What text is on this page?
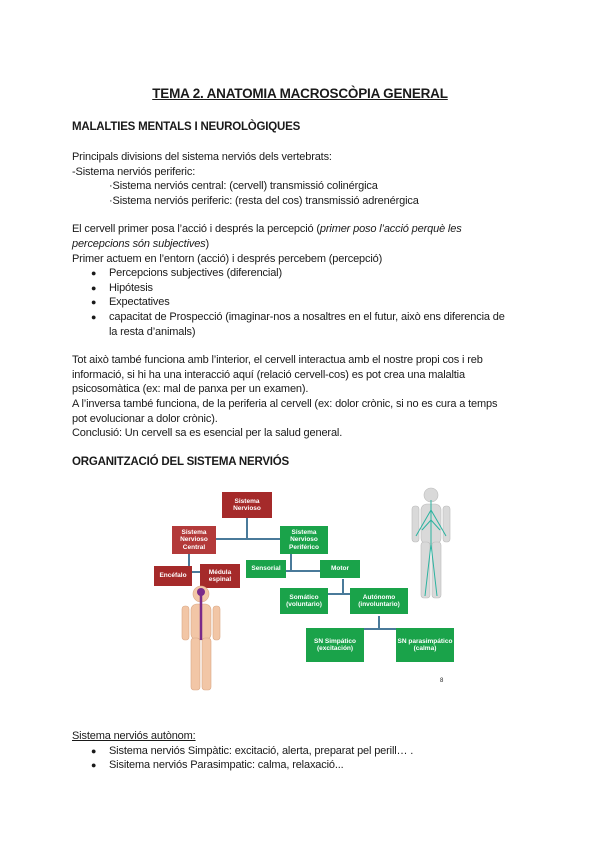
TEMA 2. ANATOMIA MACROSCÒPIA GENERAL
MALALTIES MENTALS I NEUROLÒGIQUES
Principals divisions del sistema nerviós dels vertebrats:
-Sistema nerviós periferic:
·Sistema nerviós central: (cervell) transmissió colinérgica
·Sistema nerviós periferic: (resta del cos) transmissió adrenérgica
El cervell primer posa l’acció i després la percepció (primer poso l’acció perquè les
percepcions són subjectives)
Primer actuem en l’entorn (acció) i després percebem (percepció)
● Percepcions subjectives (diferencial)
● Hipótesis
● Expectatives
● capacitat de Prospecció (imaginar-nos a nosaltres en el futur, això ens diferencia de
la resta d’animals)
Tot això també funciona amb l’interior, el cervell interactua amb el nostre propi cos i reb
informació, si hi ha una interacció aquí (relació cervell-cos) es pot crea una malaltia
psicosomàtica (ex: mal de panxa per un examen).
A l’inversa també funciona, de la periferia al cervell (ex: dolor crònic, si no es cura a temps
pot evolucionar a dolor crònic).
Conclusió: Un cervell sa es esencial per la salud general.
ORGANITZACIÓ DEL SISTEMA NERVIÓS
Sistema Nervioso
Sistema Nervioso Central
Sistema Nervioso Periférico
Encéfalo
Médula espinal
Sensorial	Motor
Somático (voluntario)
Autónomo (involuntario)
SN Simpático (excitación)
SN parasimpático (calma)
8
Sistema nerviós autònom:
● Sistema nerviós Simpàtic: excitació, alerta, preparat pel perill… .
● Sisitema nerviós Parasimpatic: calma, relaxació...
